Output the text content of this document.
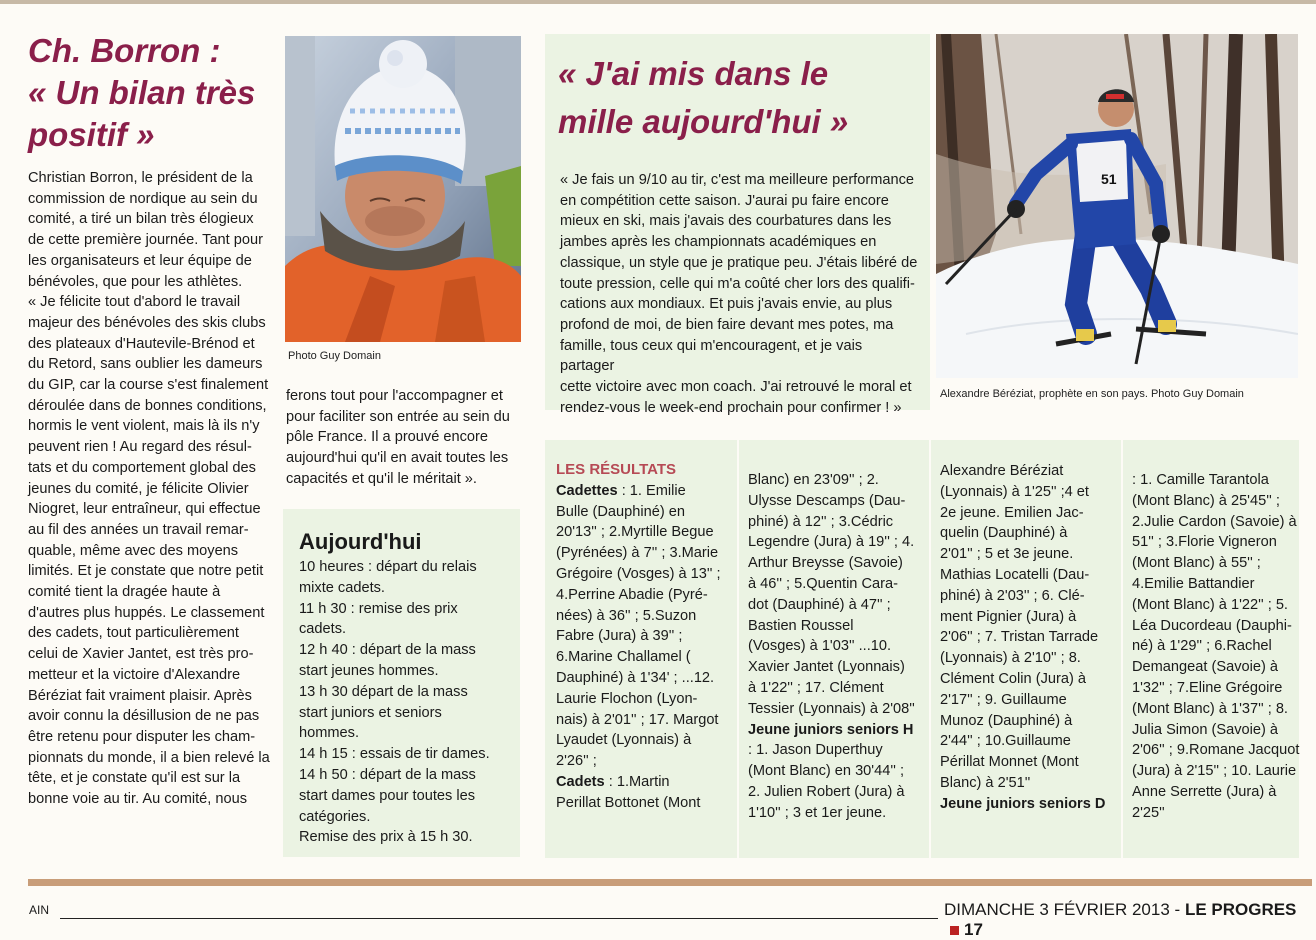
Ch. Borron :
« Un bilan très
positif »

Christian Borron, le président de la
commission de nordique au sein du
comité, a tiré un bilan très élogieux
de cette première journée. Tant pour
les organisateurs et leur équipe de
bénévoles, que pour les athlètes.
« Je félicite tout d'abord le travail
majeur des bénévoles des skis clubs
des plateaux d'Hautevile-Brénod et
du Retord, sans oublier les dameurs
du GIP, car la course s'est finalement
déroulée dans de bonnes conditions,
hormis le vent violent, mais là ils n'y
peuvent rien ! Au regard des résul-
tats et du comportement global des
jeunes du comité, je félicite Olivier
Niogret, leur entraîneur, qui effectue
au fil des années un travail remar-
quable, même avec des moyens
limités. Et je constate que notre petit
comité tient la dragée haute à
d'autres plus huppés. Le classement
des cadets, tout particulièrement
celui de Xavier Jantet, est très pro-
metteur et la victoire d'Alexandre
Béréziat fait vraiment plaisir. Après
avoir connu la désillusion de ne pas
être retenu pour disputer les cham-
pionnats du monde, il a bien relevé la
tête, et je constate qu'il est sur la
bonne voie au tir. Au comité, nous

Photo Guy Domain

ferons tout pour l'accompagner et
pour faciliter son entrée au sein du
pôle France. Il a prouvé encore
aujourd'hui qu'il en avait toutes les
capacités et qu'il le méritait ».

Aujourd'hui
10 heures : départ du relais
mixte cadets.
11 h 30 : remise des prix
cadets.
12 h 40 : départ de la mass
start jeunes hommes.
13 h 30 départ de la mass
start juniors et seniors
hommes.
14 h 15 : essais de tir dames.
14 h 50 : départ de la mass
start dames pour toutes les
catégories.
Remise des prix à 15 h 30.
« J'ai mis dans le
mille aujourd'hui »

« Je fais un 9/10 au tir, c'est ma meilleure performance
en compétition cette saison. J'aurai pu faire encore
mieux en ski, mais j'avais des courbatures dans les
jambes après les championnats académiques en
classique, un style que je pratique peu. J'étais libéré de
toute pression, celle qui m'a coûté cher lors des qualifi-
cations aux mondiaux. Et puis j'avais envie, au plus
profond de moi, de bien faire devant mes potes, ma
famille, tous ceux qui m'encouragent, et je vais partager
cette victoire avec mon coach. J'ai retrouvé le moral et
rendez-vous le week-end prochain pour confirmer ! »

51
Alexandre Béréziat, prophète en son pays. Photo Guy Domain
LES RÉSULTATS
Cadettes : 1. Emilie
Bulle (Dauphiné) en
20'13'' ; 2.Myrtille Begue
(Pyrénées) à 7'' ; 3.Marie
Grégoire (Vosges) à 13'' ;
4.Perrine Abadie (Pyré-
nées) à 36'' ; 5.Suzon
Fabre (Jura) à 39'' ;
6.Marine Challamel (
Dauphiné) à 1'34' ; ...12.
Laurie Flochon (Lyon-
nais) à 2'01'' ; 17. Margot
Lyaudet (Lyonnais) à
2'26'' ;
Cadets : 1.Martin
Perillat Bottonet (Mont
Blanc) en 23'09'' ; 2.
Ulysse Descamps (Dau-
phiné) à 12'' ; 3.Cédric
Legendre (Jura) à 19'' ; 4.
Arthur Breysse (Savoie)
à 46'' ; 5.Quentin Cara-
dot (Dauphiné) à 47'' ;
Bastien Roussel
(Vosges) à 1'03'' ...10.
Xavier Jantet (Lyonnais)
à 1'22'' ; 17. Clément
Tessier (Lyonnais) à 2'08''
Jeune juniors seniors H
: 1. Jason Duperthuy
(Mont Blanc) en 30'44'' ;
2. Julien Robert (Jura) à
1'10'' ; 3 et 1er jeune.
Alexandre Béréziat
(Lyonnais) à 1'25'' ;4 et
2e jeune. Emilien Jac-
quelin (Dauphiné) à
2'01'' ; 5 et 3e jeune.
Mathias Locatelli (Dau-
phiné) à 2'03'' ; 6. Clé-
ment Pignier (Jura) à
2'06'' ; 7. Tristan Tarrade
(Lyonnais) à 2'10'' ; 8.
Clément Colin (Jura) à
2'17'' ; 9. Guillaume
Munoz (Dauphiné) à
2'44'' ; 10.Guillaume
Périllat Monnet (Mont
Blanc) à 2'51''
Jeune juniors seniors D
: 1. Camille Tarantola
(Mont Blanc) à 25'45'' ;
2.Julie Cardon (Savoie) à
51'' ; 3.Florie Vigneron
(Mont Blanc) à 55'' ;
4.Emilie Battandier
(Mont Blanc) à 1'22'' ; 5.
Léa Ducordeau (Dauphi-
né) à 1'29'' ; 6.Rachel
Demangeat (Savoie) à
1'32'' ; 7.Eline Grégoire
(Mont Blanc) à 1'37'' ; 8.
Julia Simon (Savoie) à
2'06'' ; 9.Romane Jacquot
(Jura) à 2'15'' ; 10. Laurie
Anne Serrette (Jura) à
2'25''
AIN	DIMANCHE 3 FÉVRIER 2013 - LE PROGRES17
